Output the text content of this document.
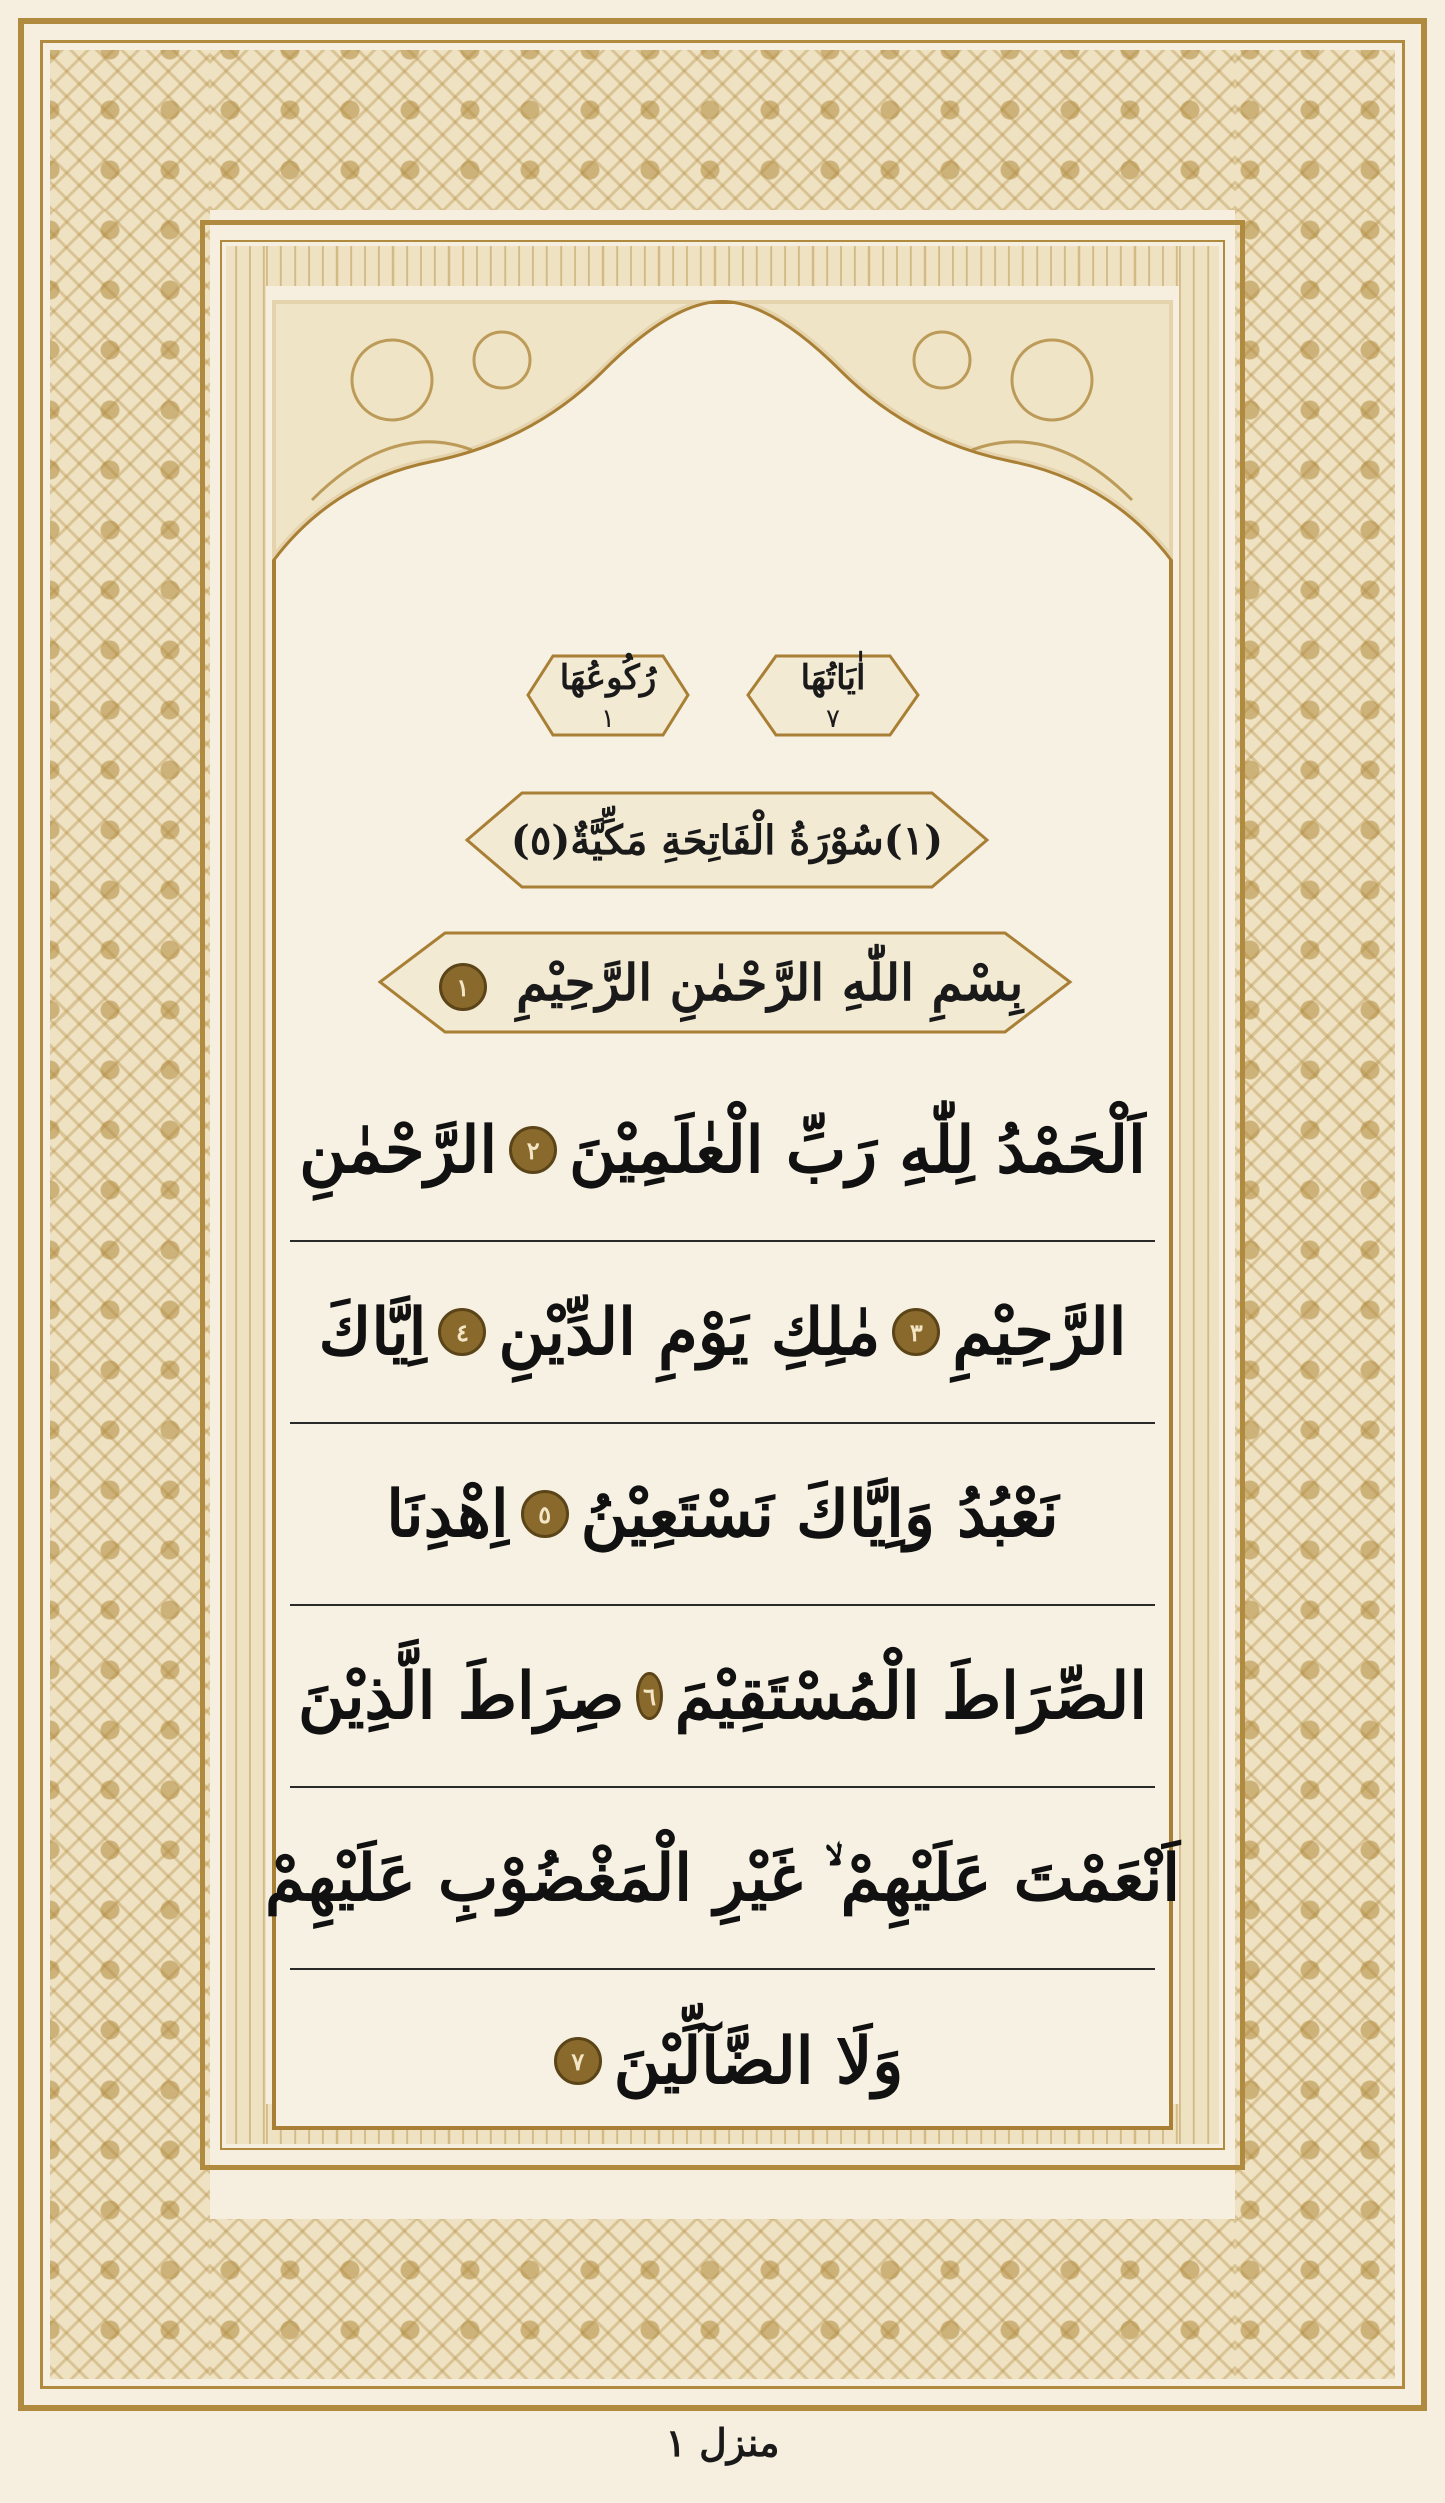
رُكُوعُهَا
١
اٰيَاتُهَا
٧
(١)سُوْرَةُ الْفَاتِحَةِ مَكِّيَّةٌ(٥)
بِسْمِ اللّٰهِ الرَّحْمٰنِ الرَّحِيْمِ ١
اَلْحَمْدُ لِلّٰهِ رَبِّ الْعٰلَمِيْنَ
٢
الرَّحْمٰنِ
الرَّحِيْمِ
٣
مٰلِكِ يَوْمِ الدِّيْنِ
٤
اِيَّاكَ
نَعْبُدُ وَاِيَّاكَ نَسْتَعِيْنُ
٥
اِهْدِنَا
الصِّرَاطَ الْمُسْتَقِيْمَ
٦
صِرَاطَ الَّذِيْنَ
اَنْعَمْتَ عَلَيْهِمْ ۙ غَيْرِ الْمَغْضُوْبِ عَلَيْهِمْ
وَلَا الضَّآلِّيْنَ
٧
منزل ١
